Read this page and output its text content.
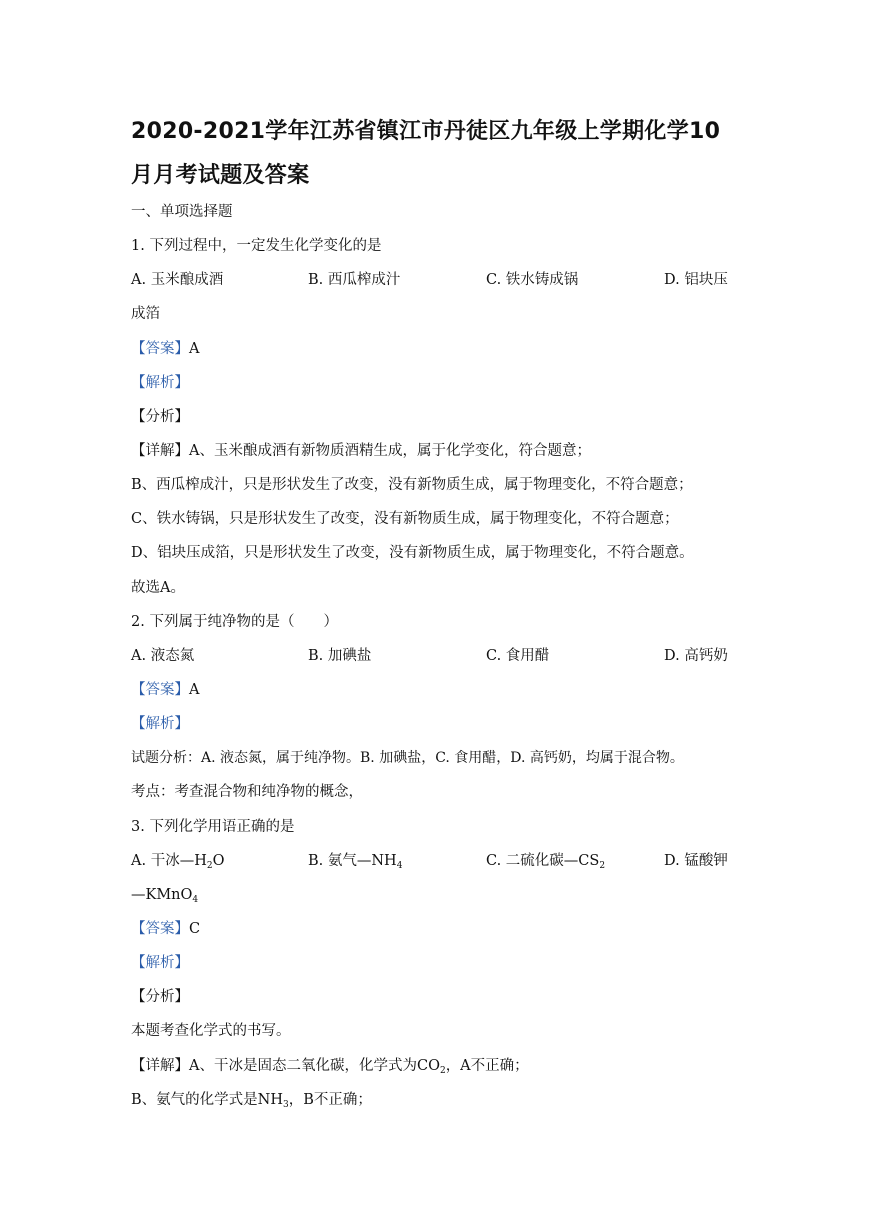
2020-2021学年江苏省镇江市丹徒区九年级上学期化学10
月月考试题及答案
一、单项选择题
1. 下列过程中，一定发生化学变化的是
A. 玉米酿成酒	B. 西瓜榨成汁	C. 铁水铸成锅	D. 铝块压
成箔
【答案】A
【解析】
【分析】
【详解】A、玉米酿成酒有新物质酒精生成，属于化学变化，符合题意；
B、西瓜榨成汁，只是形状发生了改变，没有新物质生成，属于物理变化，不符合题意；
C、铁水铸锅，只是形状发生了改变，没有新物质生成，属于物理变化，不符合题意；
D、铝块压成箔，只是形状发生了改变，没有新物质生成，属于物理变化，不符合题意。
故选A。
2. 下列属于纯净物的是（　　）
A. 液态氮	B. 加碘盐	C. 食用醋	D. 高钙奶
【答案】A
【解析】
试题分析：A. 液态氮，属于纯净物。B. 加碘盐，C. 食用醋，D. 高钙奶，均属于混合物。
考点：考查混合物和纯净物的概念，
3. 下列化学用语正确的是
A. 干冰$—H_2O$	B. 氨气$—NH_4$	C. 二硫化碳$—CS_2$	D. 锰酸钾
—KMnO$_4$
【答案】C
【解析】
【分析】
本题考查化学式的书写。
【详解】A、干冰是固态二氧化碳，化学式为$CO_2$，A不正确；
B、氨气的化学式是$NH_3$，B不正确；
